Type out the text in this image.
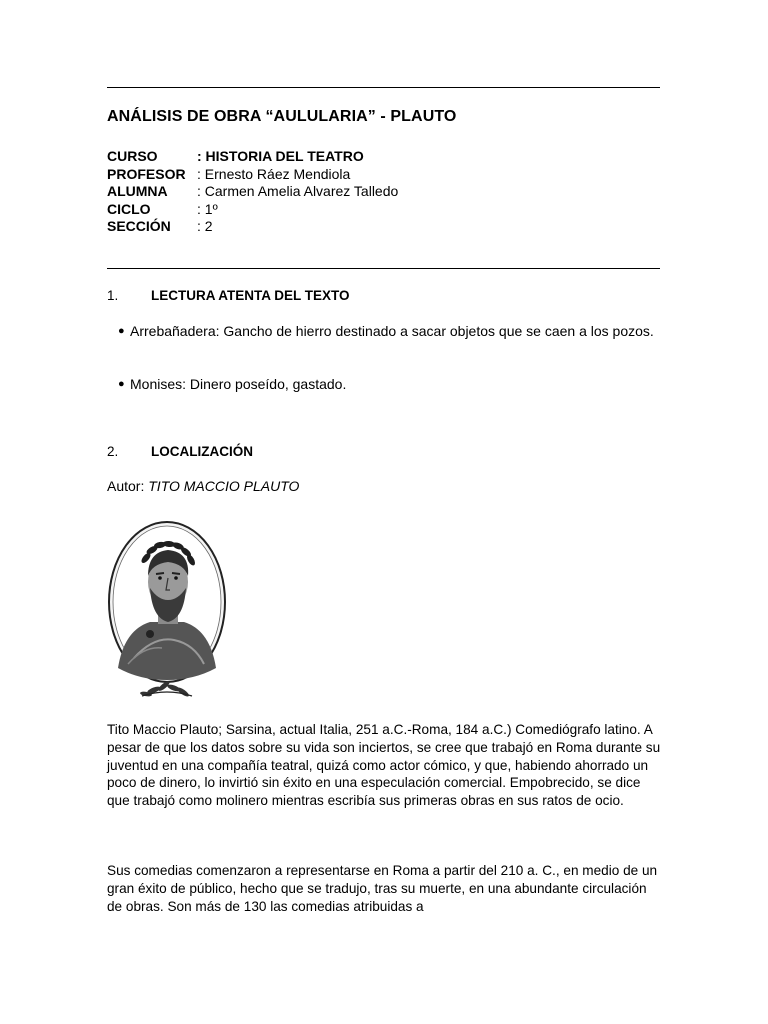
ANÁLISIS DE OBRA “AULULARIA” - PLAUTO
CURSO	: HISTORIA DEL TEATRO
PROFESOR : Ernesto Ráez Mendiola
ALUMNA	: Carmen Amelia Alvarez Talledo
CICLO	: 1º
SECCIÓN	: 2
1. LECTURA ATENTA DEL TEXTO
● Arrebañadera: Gancho de hierro destinado a sacar objetos que se caen a los pozos.
● Monises: Dinero poseído, gastado.
2. LOCALIZACIÓN
Autor: TITO MACCIO PLAUTO
Tito Maccio Plauto; Sarsina, actual Italia, 251 a.C.-Roma, 184 a.C.) Comediógrafo latino. A pesar de que los datos sobre su vida son inciertos, se cree que trabajó en Roma durante su juventud en una compañía teatral, quizá como actor cómico, y que, habiendo ahorrado un poco de dinero, lo invirtió sin éxito en una especulación comercial. Empobrecido, se dice que trabajó como molinero mientras escribía sus primeras obras en sus ratos de ocio.
Sus comedias comenzaron a representarse en Roma a partir del 210 a. C., en medio de un gran éxito de público, hecho que se tradujo, tras su muerte, en una abundante circulación de obras. Son más de 130 las comedias atribuidas a
